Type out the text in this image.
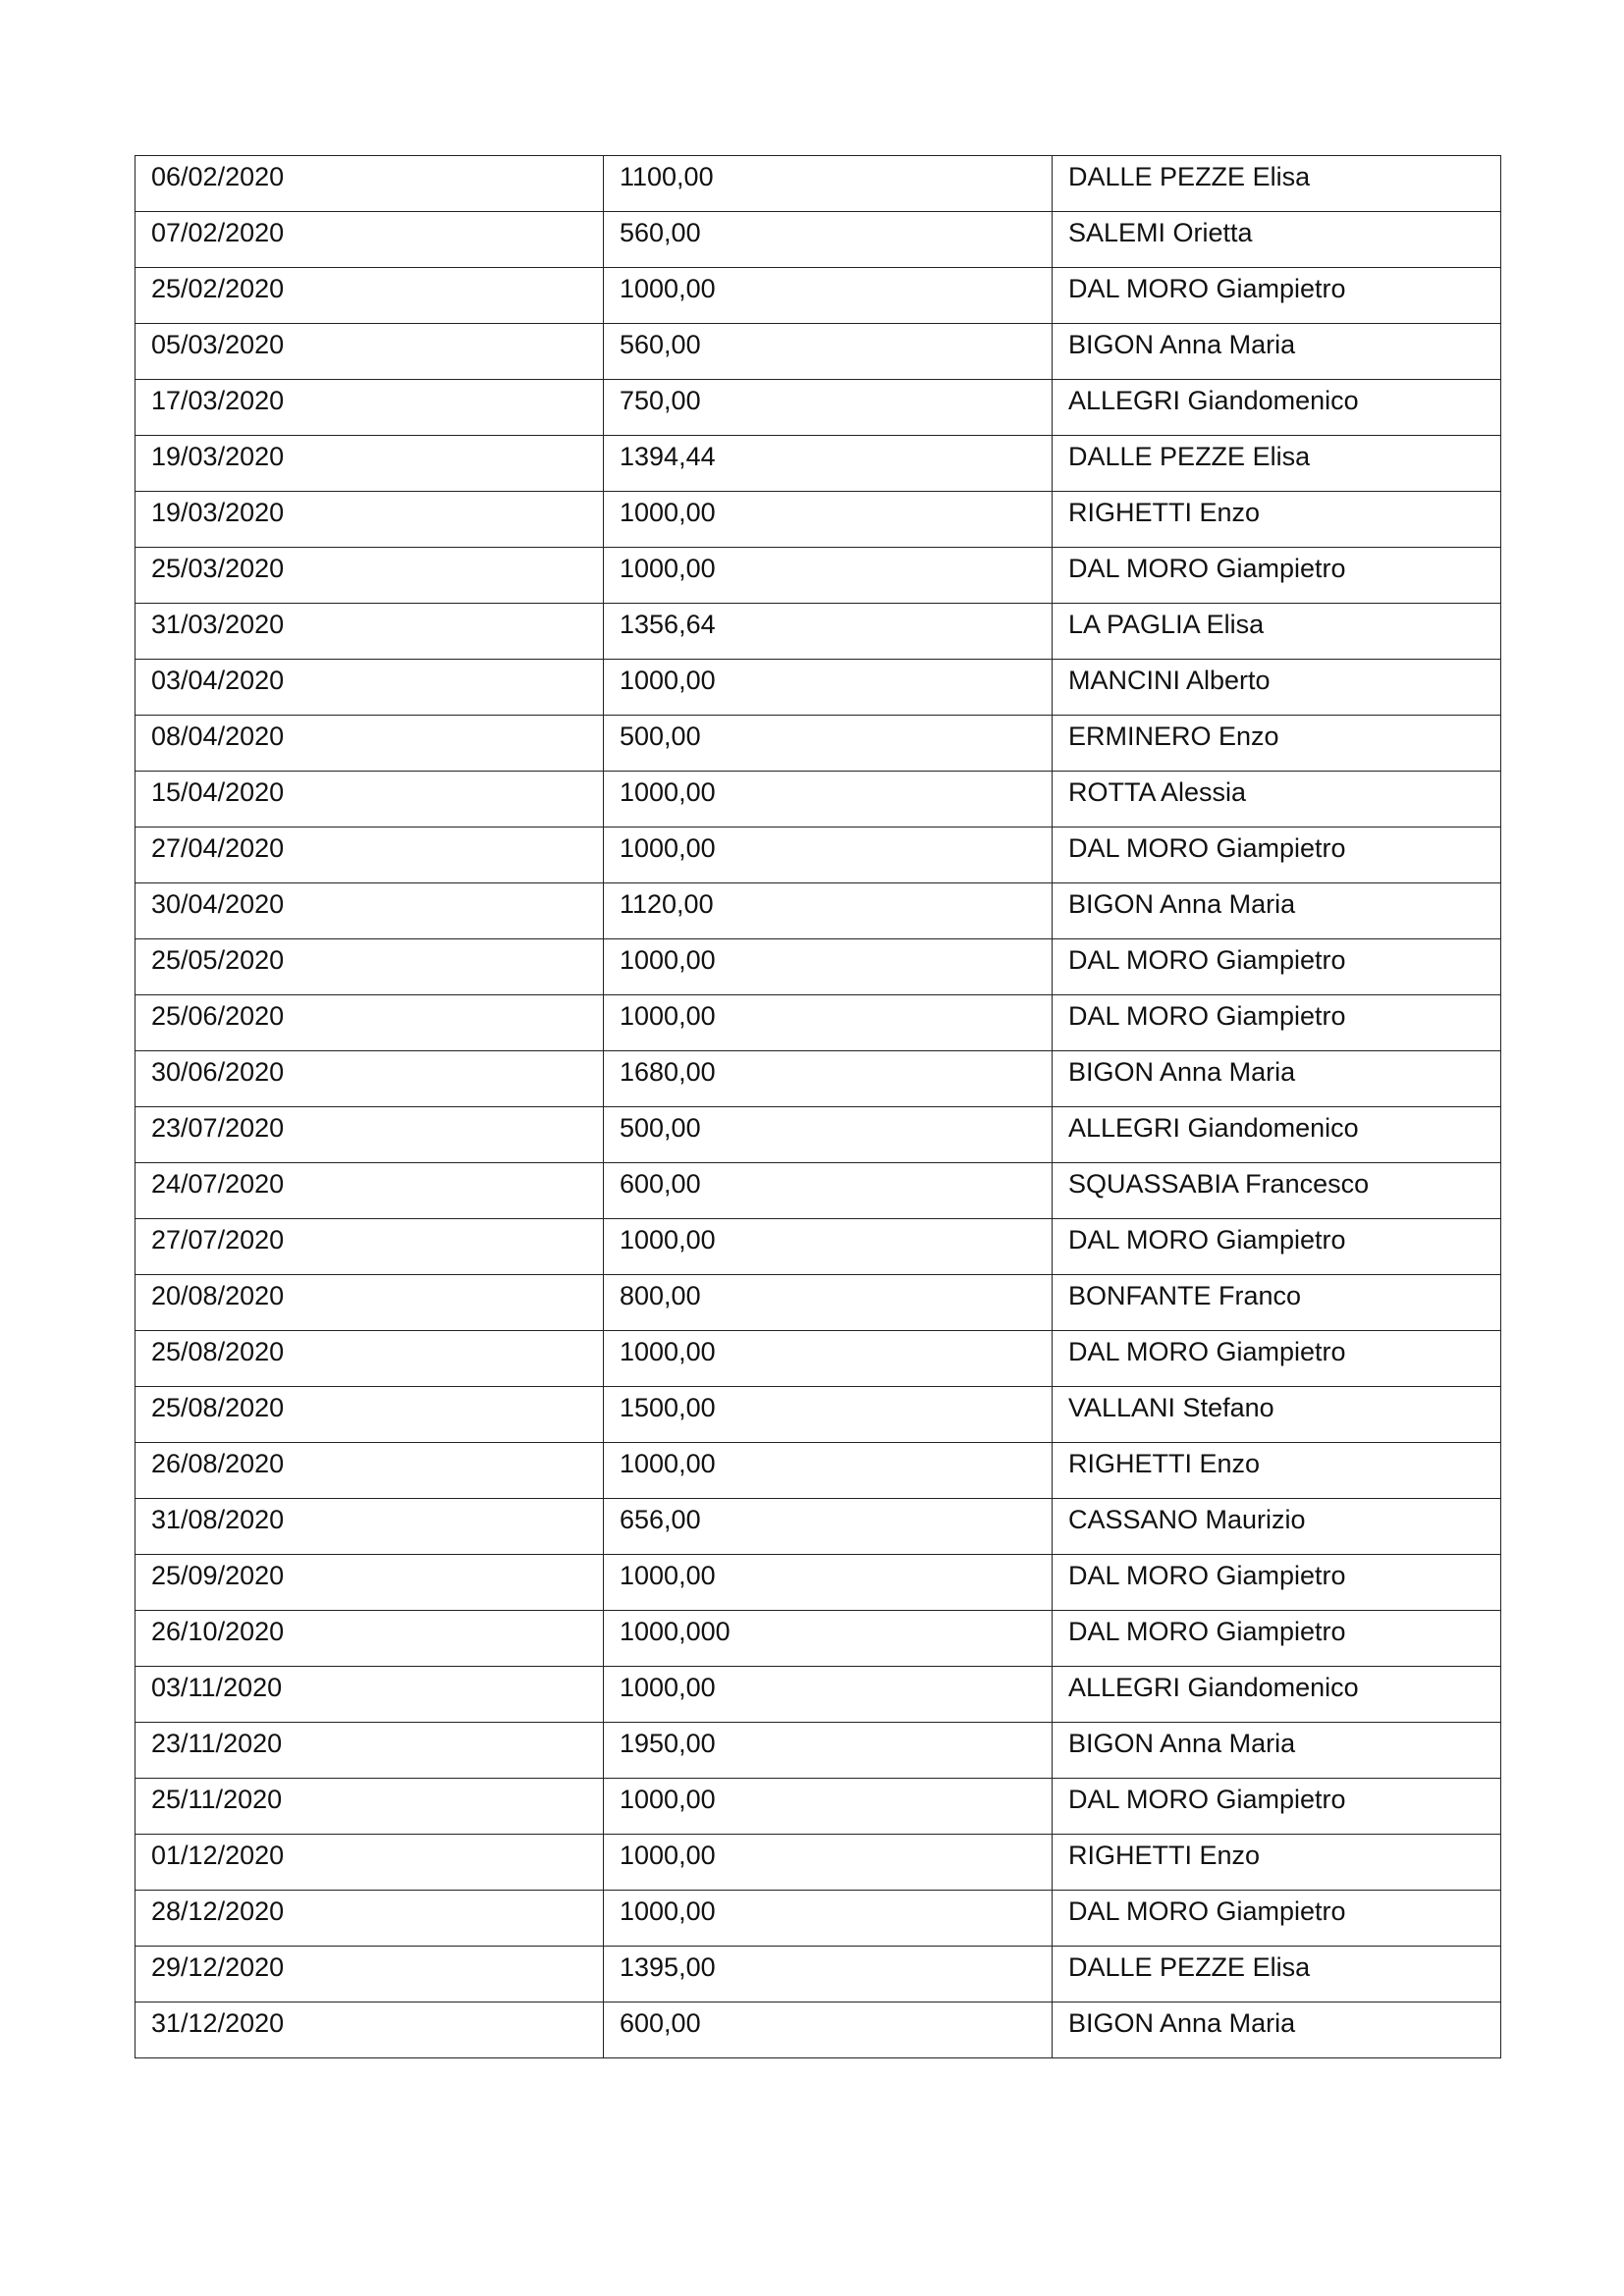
06/02/2020	1100,00	DALLE PEZZE Elisa
07/02/2020	560,00	SALEMI Orietta
25/02/2020	1000,00	DAL MORO Giampietro
05/03/2020	560,00	BIGON Anna Maria
17/03/2020	750,00	ALLEGRI Giandomenico
19/03/2020	1394,44	DALLE PEZZE Elisa
19/03/2020	1000,00	RIGHETTI Enzo
25/03/2020	1000,00	DAL MORO Giampietro
31/03/2020	1356,64	LA PAGLIA Elisa
03/04/2020	1000,00	MANCINI Alberto
08/04/2020	500,00	ERMINERO Enzo
15/04/2020	1000,00	ROTTA Alessia
27/04/2020	1000,00	DAL MORO Giampietro
30/04/2020	1120,00	BIGON Anna Maria
25/05/2020	1000,00	DAL MORO Giampietro
25/06/2020	1000,00	DAL MORO Giampietro
30/06/2020	1680,00	BIGON Anna Maria
23/07/2020	500,00	ALLEGRI Giandomenico
24/07/2020	600,00	SQUASSABIA Francesco
27/07/2020	1000,00	DAL MORO Giampietro
20/08/2020	800,00	BONFANTE Franco
25/08/2020	1000,00	DAL MORO Giampietro
25/08/2020	1500,00	VALLANI Stefano
26/08/2020	1000,00	RIGHETTI Enzo
31/08/2020	656,00	CASSANO Maurizio
25/09/2020	1000,00	DAL MORO Giampietro
26/10/2020	1000,000	DAL MORO Giampietro
03/11/2020	1000,00	ALLEGRI Giandomenico
23/11/2020	1950,00	BIGON Anna Maria
25/11/2020	1000,00	DAL MORO Giampietro
01/12/2020	1000,00	RIGHETTI Enzo
28/12/2020	1000,00	DAL MORO Giampietro
29/12/2020	1395,00	DALLE PEZZE Elisa
31/12/2020	600,00	BIGON Anna Maria
